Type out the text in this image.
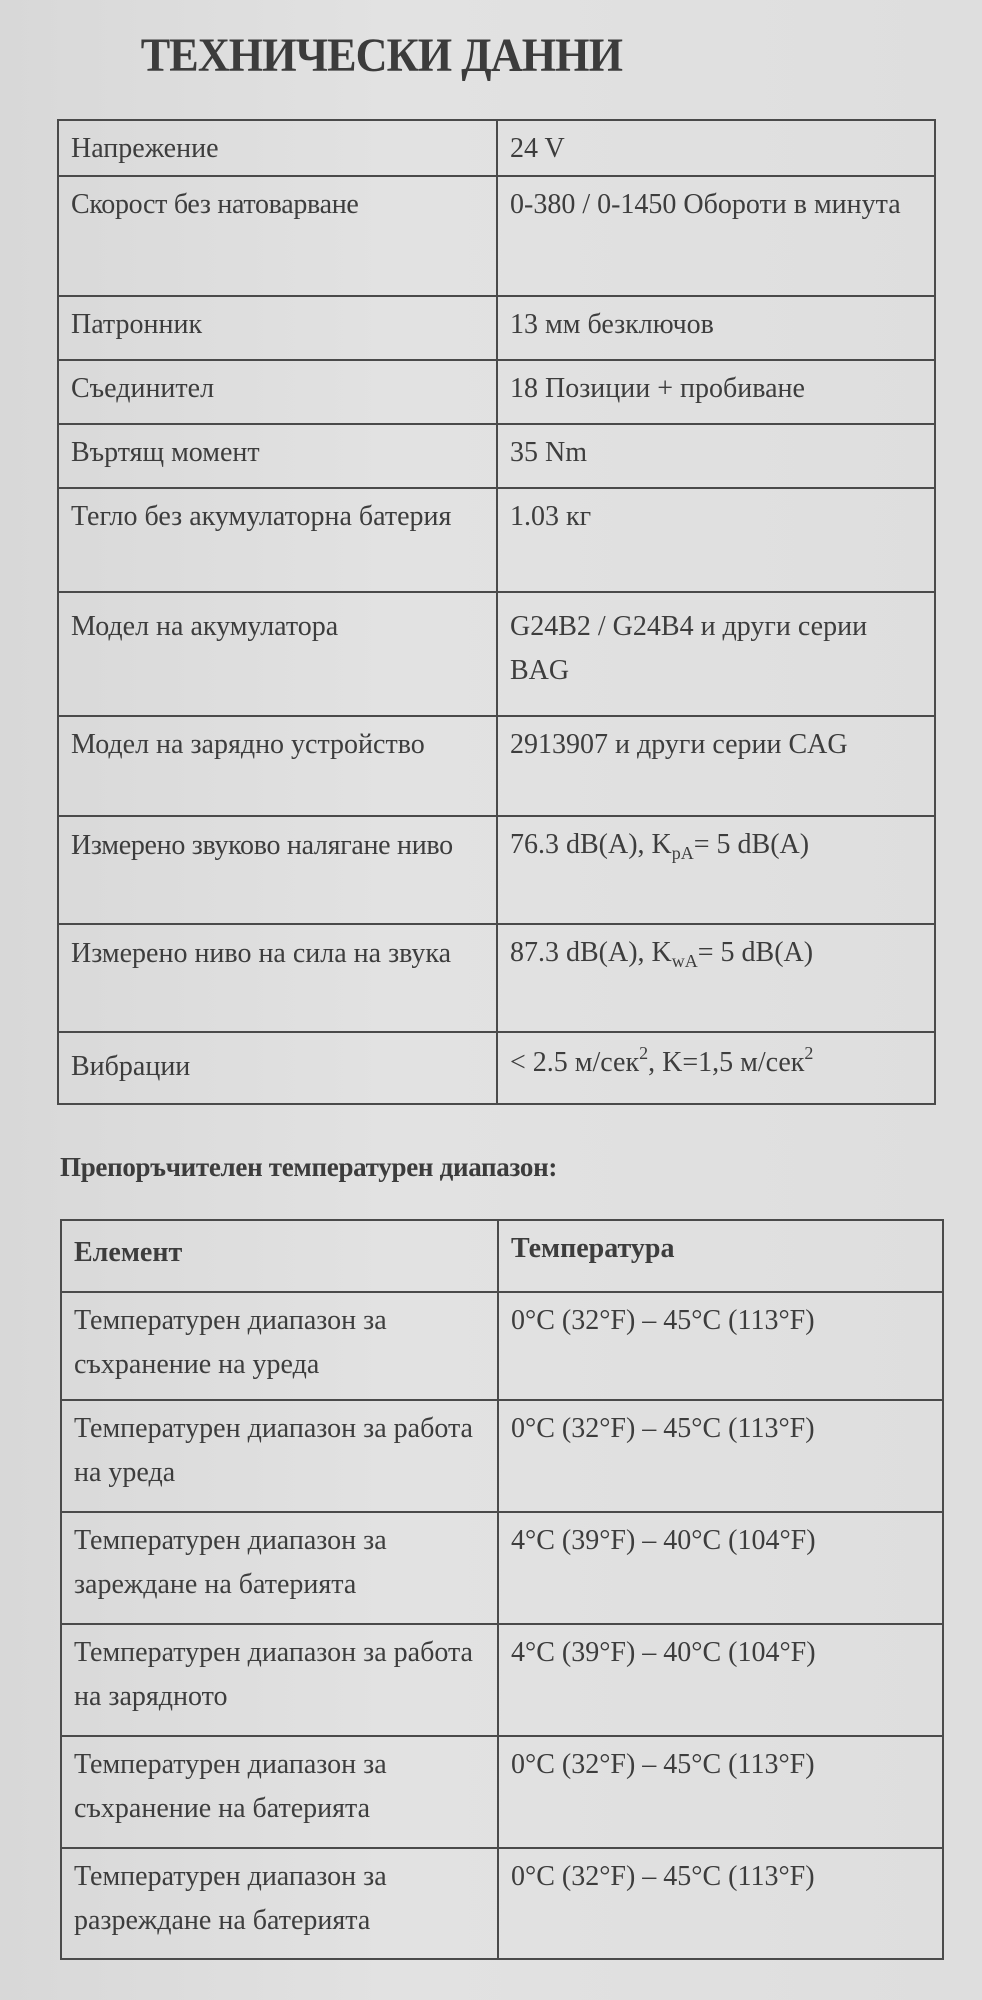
ТЕХНИЧЕСКИ ДАННИ
Напрежение	24 V
Скорост без натоварване	0-380 / 0-1450 Обороти в минута
Патронник	13 мм безключов
Съединител	18 Позиции + пробиване
Въртящ момент	35 Nm
Тегло без акумулаторна батерия	1.03 кг
Модел на акумулатора	G24B2 / G24B4 и други серии BAG
Модел на зарядно устройство	2913907 и други серии CAG
Измерено звуково налягане ниво	76.3 dB(A), $K_{pA}= 5$ dB(A)
Измерено ниво на сила на звука	87.3 dB(A), $K_{wA}= 5$ dB(A)
Вибрации	< 2.5 м/сек$^2$, K=1,5 м/сек$^2$
Препоръчителен температурен диапазон:
Елемент	Температура
Температурен диапазон за съхранение на уреда	0°C (32°F) – 45°C (113°F)
Температурен диапазон за работа на уреда	0°C (32°F) – 45°C (113°F)
Температурен диапазон за зареждане на батерията	4°C (39°F) – 40°C (104°F)
Температурен диапазон за работа на зарядното	4°C (39°F) – 40°C (104°F)
Температурен диапазон за съхранение на батерията	0°C (32°F) – 45°C (113°F)
Температурен диапазон за разреждане на батерията	0°C (32°F) – 45°C (113°F)
